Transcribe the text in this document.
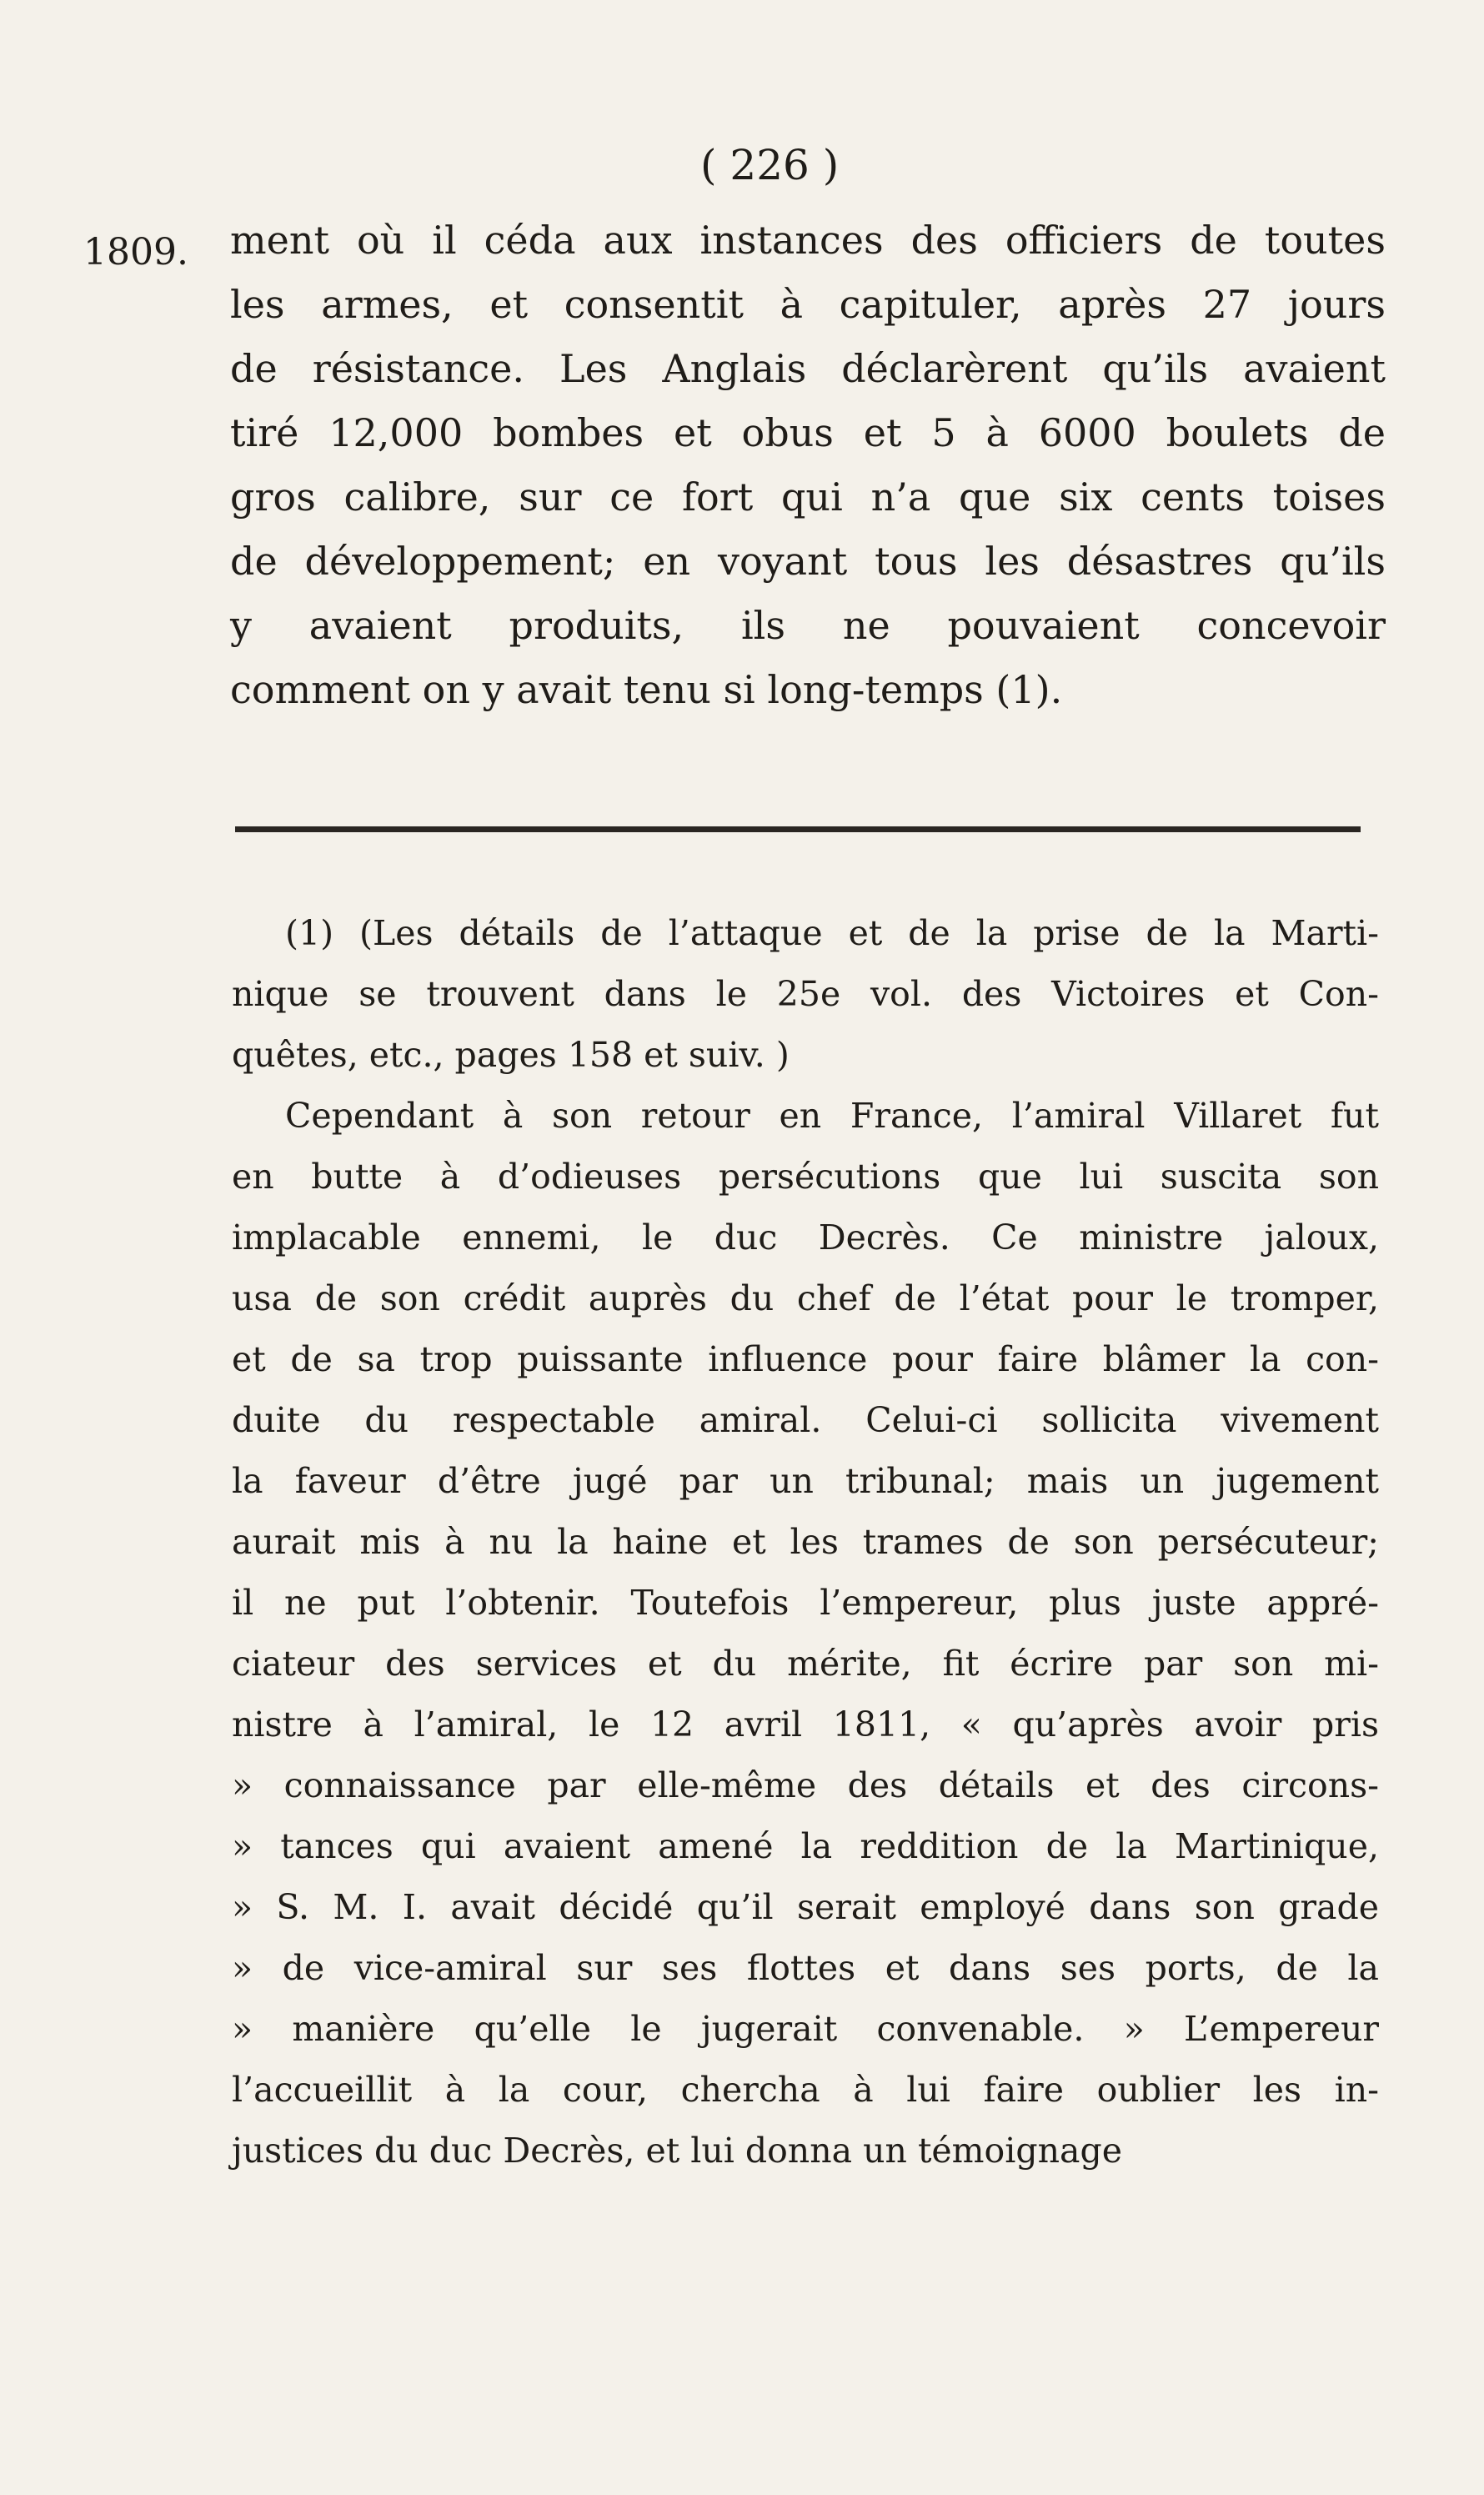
( 226 )
1809. ment où il céda aux instances des officiers de toutes
les armes, et consentit à capituler, après 27 jours
de résistance. Les Anglais déclarèrent qu’ils avaient
tiré 12,000 bombes et obus et 5 à 6000 boulets de
gros calibre, sur ce fort qui n’a que six cents toises
de développement; en voyant tous les désastres qu’ils
y avaient produits, ils ne pouvaient concevoir
comment on y avait tenu si long-temps (1).
(1) (Les détails de l’attaque et de la prise de la Marti-
nique se trouvent dans le 25e vol. des Victoires et Con-
quêtes, etc., pages 158 et suiv. )
Cependant à son retour en France, l’amiral Villaret fut
en butte à d’odieuses persécutions que lui suscita son
implacable ennemi, le duc Decrès. Ce ministre jaloux,
usa de son crédit auprès du chef de l’état pour le tromper,
et de sa trop puissante influence pour faire blâmer la con-
duite du respectable amiral. Celui-ci sollicita vivement
la faveur d’être jugé par un tribunal; mais un jugement
aurait mis à nu la haine et les trames de son persécuteur;
il ne put l’obtenir. Toutefois l’empereur, plus juste appré-
ciateur des services et du mérite, fit écrire par son mi-
nistre à l’amiral, le 12 avril 1811, « qu’après avoir pris
» connaissance par elle-même des détails et des circons-
» tances qui avaient amené la reddition de la Martinique,
» S. M. I. avait décidé qu’il serait employé dans son grade
» de vice-amiral sur ses flottes et dans ses ports, de la
» manière qu’elle le jugerait convenable. » L’empereur
l’accueillit à la cour, chercha à lui faire oublier les in-
justices du duc Decrès, et lui donna un témoignage
